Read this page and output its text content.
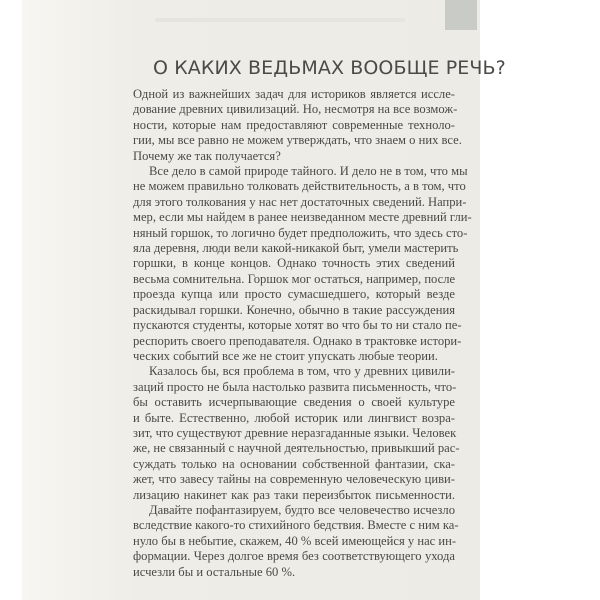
О КАКИХ ВЕДЬМАХ ВООБЩЕ РЕЧЬ?
Одной из важнейших задач для историков является иссле-
дование древних цивилизаций. Но, несмотря на все возмож-
ности, которые нам предоставляют современные техноло-
гии, мы все равно не можем утверждать, что знаем о них все.
Почему же так получается?
Все дело в самой природе тайного. И дело не в том, что мы
не можем правильно толковать действительность, а в том, что
для этого толкования у нас нет достаточных сведений. Напри-
мер, если мы найдем в ранее неизведанном месте древний гли-
няный горшок, то логично будет предположить, что здесь сто-
яла деревня, люди вели какой-никакой быт, умели мастерить
горшки, в конце концов. Однако точность этих сведений
весьма сомнительна. Горшок мог остаться, например, после
проезда купца или просто сумасшедшего, который везде
раскидывал горшки. Конечно, обычно в такие рассуждения
пускаются студенты, которые хотят во что бы то ни стало пе-
респорить своего преподавателя. Однако в трактовке истори-
ческих событий все же не стоит упускать любые теории.
Казалось бы, вся проблема в том, что у древних цивили-
заций просто не была настолько развита письменность, что-
бы оставить исчерпывающие сведения о своей культуре
и быте. Естественно, любой историк или лингвист возра-
зит, что существуют древние неразгаданные языки. Человек
же, не связанный с научной деятельностью, привыкший рас-
суждать только на основании собственной фантазии, ска-
жет, что завесу тайны на современную человеческую циви-
лизацию накинет как раз таки переизбыток письменности.
Давайте пофантазируем, будто все человечество исчезло
вследствие какого-то стихийного бедствия. Вместе с ним ка-
нуло бы в небытие, скажем, 40 % всей имеющейся у нас ин-
формации. Через долгое время без соответствующего ухода
исчезли бы и остальные 60 %.
